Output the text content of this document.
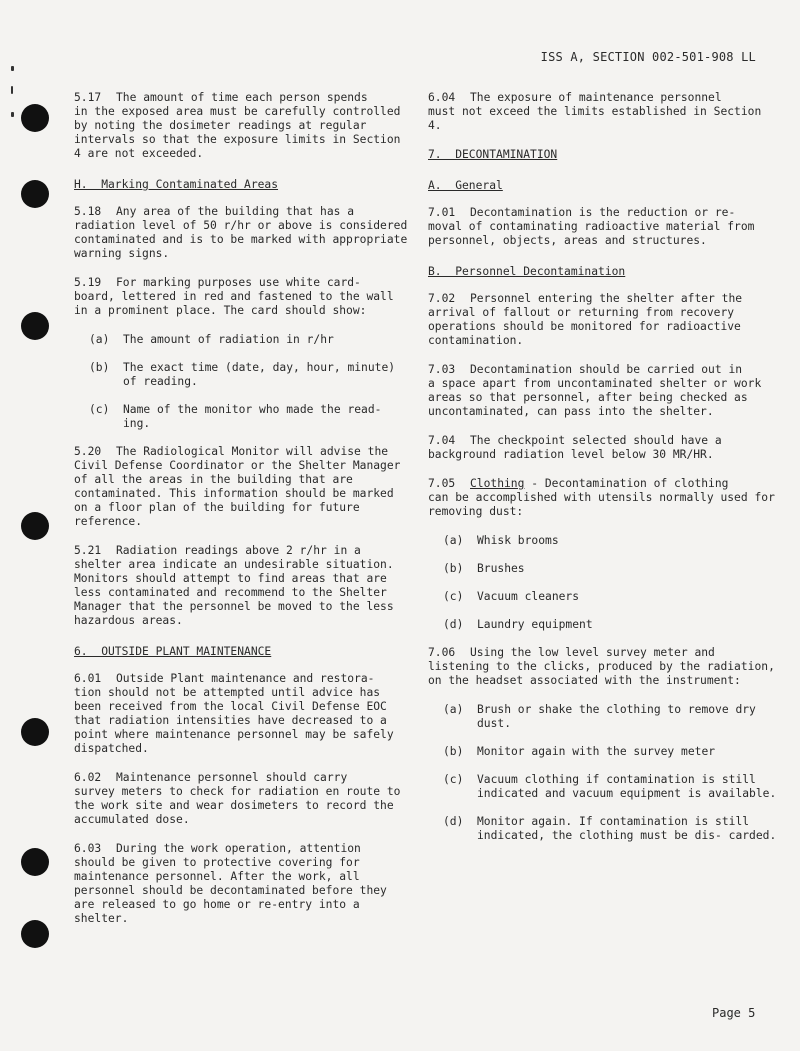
ISS A, SECTION 002-501-908 LL
5.17 The amount of time each person spends
in the exposed area must be carefully controlled by noting the dosimeter readings at regular intervals so that the exposure limits in Section 4 are not exceeded.
H.  Marking Contaminated Areas
5.18 Any area of the building that has a
radiation level of 50 r/hr or above is considered contaminated and is to be marked with appropriate warning signs.
5.19 For marking purposes use white card-
board, lettered in red and fastened to the wall in a prominent place. The card should show:
(a) The amount of radiation in r/hr
(b) The exact time (date, day, hour, minute) of reading.
(c) Name of the monitor who made the read- ing.
5.20 The Radiological Monitor will advise the
Civil Defense Coordinator or the Shelter Manager of all the areas in the building that are contaminated. This information should be marked on a floor plan of the building for future reference.
5.21 Radiation readings above 2 r/hr in a
shelter area indicate an undesirable situation. Monitors should attempt to find areas that are less contaminated and recommend to the Shelter Manager that the personnel be moved to the less hazardous areas.
6.  OUTSIDE PLANT MAINTENANCE
6.01 Outside Plant maintenance and restora-
tion should not be attempted until advice has been received from the local Civil Defense EOC that radiation intensities have decreased to a point where maintenance personnel may be safely dispatched.
6.02 Maintenance personnel should carry
survey meters to check for radiation en route to the work site and wear dosimeters to record the accumulated dose.
6.03 During the work operation, attention
should be given to protective covering for maintenance personnel. After the work, all personnel should be decontaminated before they are released to go home or re-entry into a shelter.
6.04 The exposure of maintenance personnel
must not exceed the limits established in Section 4.
7.  DECONTAMINATION
A.  General
7.01 Decontamination is the reduction or re-
moval of contaminating radioactive material from personnel, objects, areas and structures.
B.  Personnel Decontamination
7.02 Personnel entering the shelter after the
arrival of fallout or returning from recovery operations should be monitored for radioactive contamination.
7.03 Decontamination should be carried out in
a space apart from uncontaminated shelter or work areas so that personnel, after being checked as uncontaminated, can pass into the shelter.
7.04 The checkpoint selected should have a
background radiation level below 30 MR/HR.
7.05 Clothing - Decontamination of clothing
can be accomplished with utensils normally used for removing dust:
(a) Whisk brooms
(b) Brushes
(c) Vacuum cleaners
(d) Laundry equipment
7.06 Using the low level survey meter and
listening to the clicks, produced by the radiation, on the headset associated with the instrument:
(a) Brush or shake the clothing to remove dry dust.
(b) Monitor again with the survey meter
(c) Vacuum clothing if contamination is still indicated and vacuum equipment is available.
(d) Monitor again. If contamination is still indicated, the clothing must be dis- carded.
Page 5
